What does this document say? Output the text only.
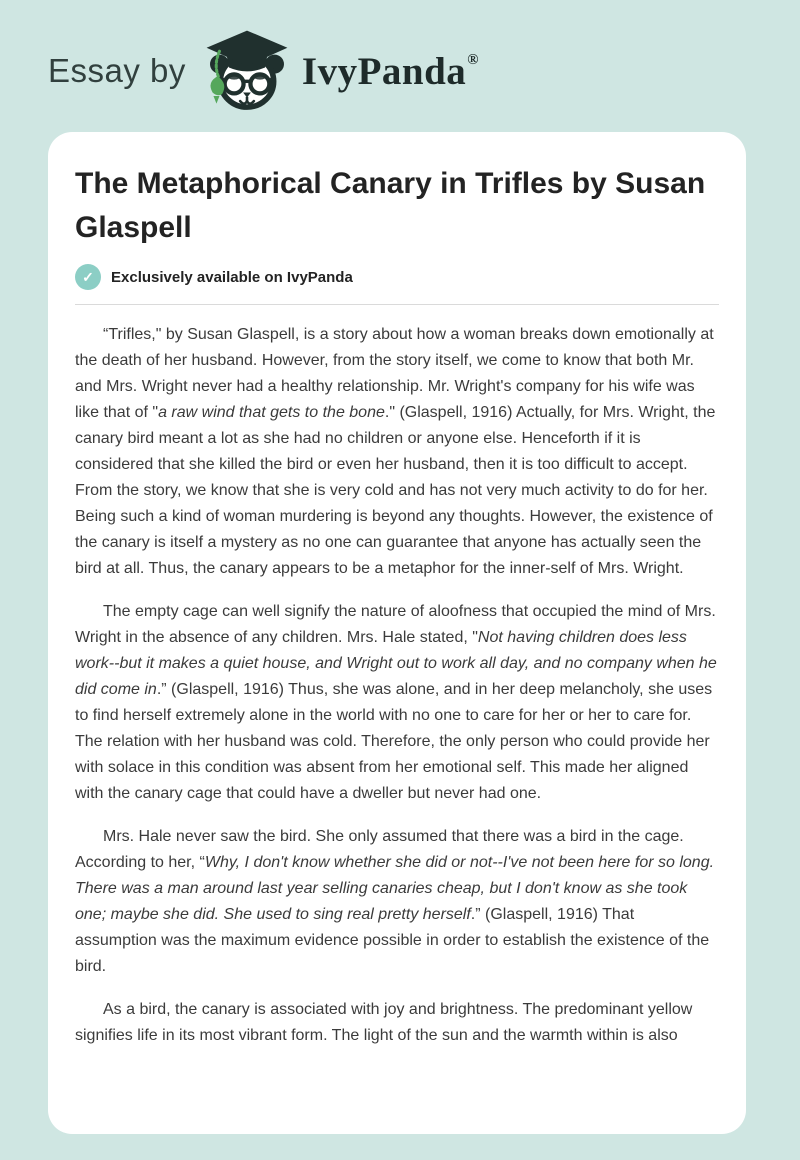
Essay by	IvyPanda®
The Metaphorical Canary in Trifles by Susan Glaspell
✓ Exclusively available on IvyPanda

“Trifles," by Susan Glaspell, is a story about how a woman breaks down emotionally at the death of her husband. However, from the story itself, we come to know that both Mr. and Mrs. Wright never had a healthy relationship. Mr. Wright's company for his wife was like that of "a raw wind that gets to the bone." (Glaspell, 1916) Actually, for Mrs. Wright, the canary bird meant a lot as she had no children or anyone else. Henceforth if it is considered that she killed the bird or even her husband, then it is too difficult to accept. From the story, we know that she is very cold and has not very much activity to do for her. Being such a kind of woman murdering is beyond any thoughts. However, the existence of the canary is itself a mystery as no one can guarantee that anyone has actually seen the bird at all. Thus, the canary appears to be a metaphor for the inner-self of Mrs. Wright.

The empty cage can well signify the nature of aloofness that occupied the mind of Mrs. Wright in the absence of any children. Mrs. Hale stated, "Not having children does less work--but it makes a quiet house, and Wright out to work all day, and no company when he did come in.” (Glaspell, 1916) Thus, she was alone, and in her deep melancholy, she uses to find herself extremely alone in the world with no one to care for her or her to care for. The relation with her husband was cold. Therefore, the only person who could provide her with solace in this condition was absent from her emotional self. This made her aligned with the canary cage that could have a dweller but never had one.

Mrs. Hale never saw the bird. She only assumed that there was a bird in the cage. According to her, “Why, I don't know whether she did or not--I've not been here for so long. There was a man around last year selling canaries cheap, but I don't know as she took one; maybe she did. She used to sing real pretty herself.” (Glaspell, 1916) That assumption was the maximum evidence possible in order to establish the existence of the bird.

As a bird, the canary is associated with joy and brightness. The predominant yellow signifies life in its most vibrant form. The light of the sun and the warmth within is also
